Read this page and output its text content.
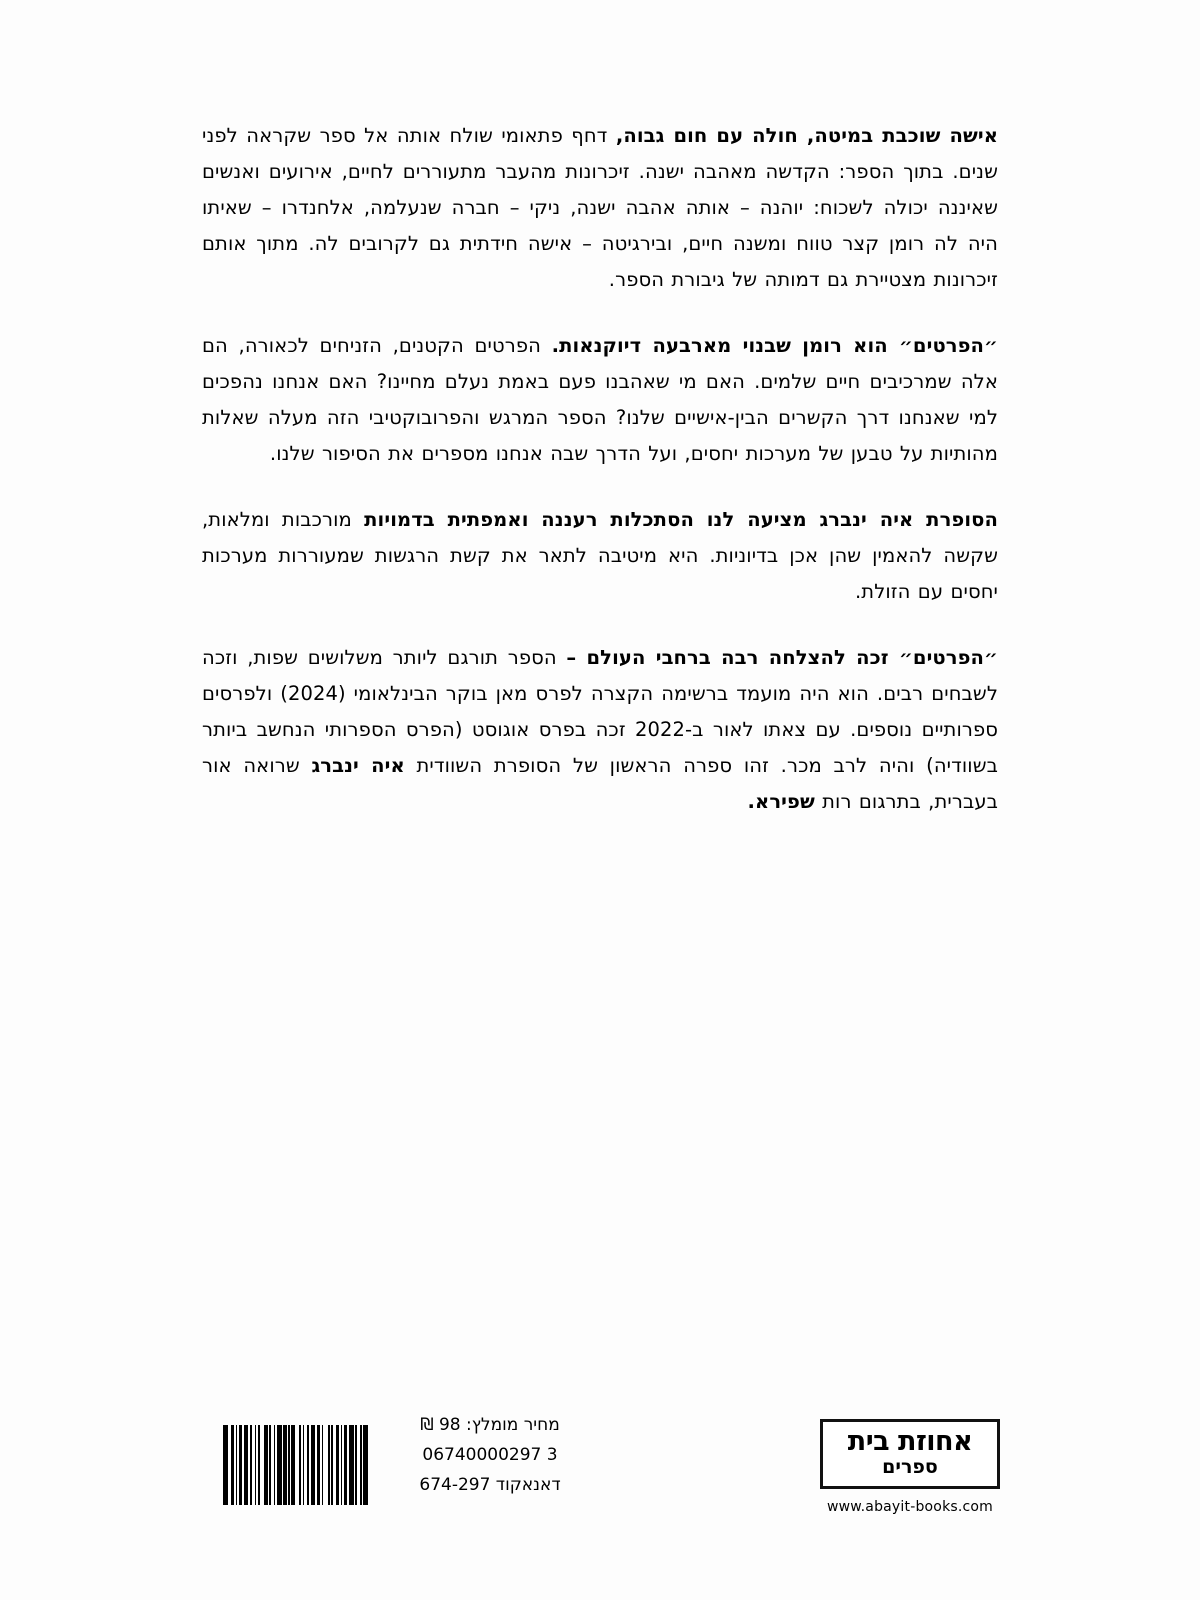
אישה שוכבת במיטה, חולה עם חום גבוה, דחף פתאומי שולח אותה אל ספר שקראה לפני שנים. בתוך הספר: הקדשה מאהבה ישנה. זיכרונות מהעבר מתעוררים לחיים, אירועים ואנשים שאיננה יכולה לשכוח: יוהנה – אותה אהבה ישנה, ניקי – חברה שנעלמה, אלחנדרו – שאיתו היה לה רומן קצר טווח ומשנה חיים, ובירגיטה – אישה חידתית גם לקרובים לה. מתוך אותם זיכרונות מצטיירת גם דמותה של גיבורת הספר.

״הפרטים״ הוא רומן שבנוי מארבעה דיוקנאות. הפרטים הקטנים, הזניחים לכאורה, הם אלה שמרכיבים חיים שלמים. האם מי שאהבנו פעם באמת נעלם מחיינו? האם אנחנו נהפכים למי שאנחנו דרך הקשרים הבין-אישיים שלנו? הספר המרגש והפרובוקטיבי הזה מעלה שאלות מהותיות על טבען של מערכות יחסים, ועל הדרך שבה אנחנו מספרים את הסיפור שלנו.

הסופרת איה ינברג מציעה לנו הסתכלות רעננה ואמפתית בדמויות מורכבות ומלאות, שקשה להאמין שהן אכן בדיוניות. היא מיטיבה לתאר את קשת הרגשות שמעוררות מערכות יחסים עם הזולת.

״הפרטים״ זכה להצלחה רבה ברחבי העולם – הספר תורגם ליותר משלושים שפות, וזכה לשבחים רבים. הוא היה מועמד ברשימה הקצרה לפרס מאן בוקר הבינלאומי (2024) ולפרסים ספרותיים נוספים. עם צאתו לאור ב-2022 זכה בפרס אוגוסט (הפרס הספרותי הנחשב ביותר בשוודיה) והיה לרב מכר. זהו ספרה הראשון של הסופרת השוודית איה ינברג שרואה אור בעברית, בתרגום רות שפירא.

אחוזת בית
ספרים
www.abayit-books.com
מחיר מומלץ: 98 ₪
06740000297 3
דאנאקוד 674-297
